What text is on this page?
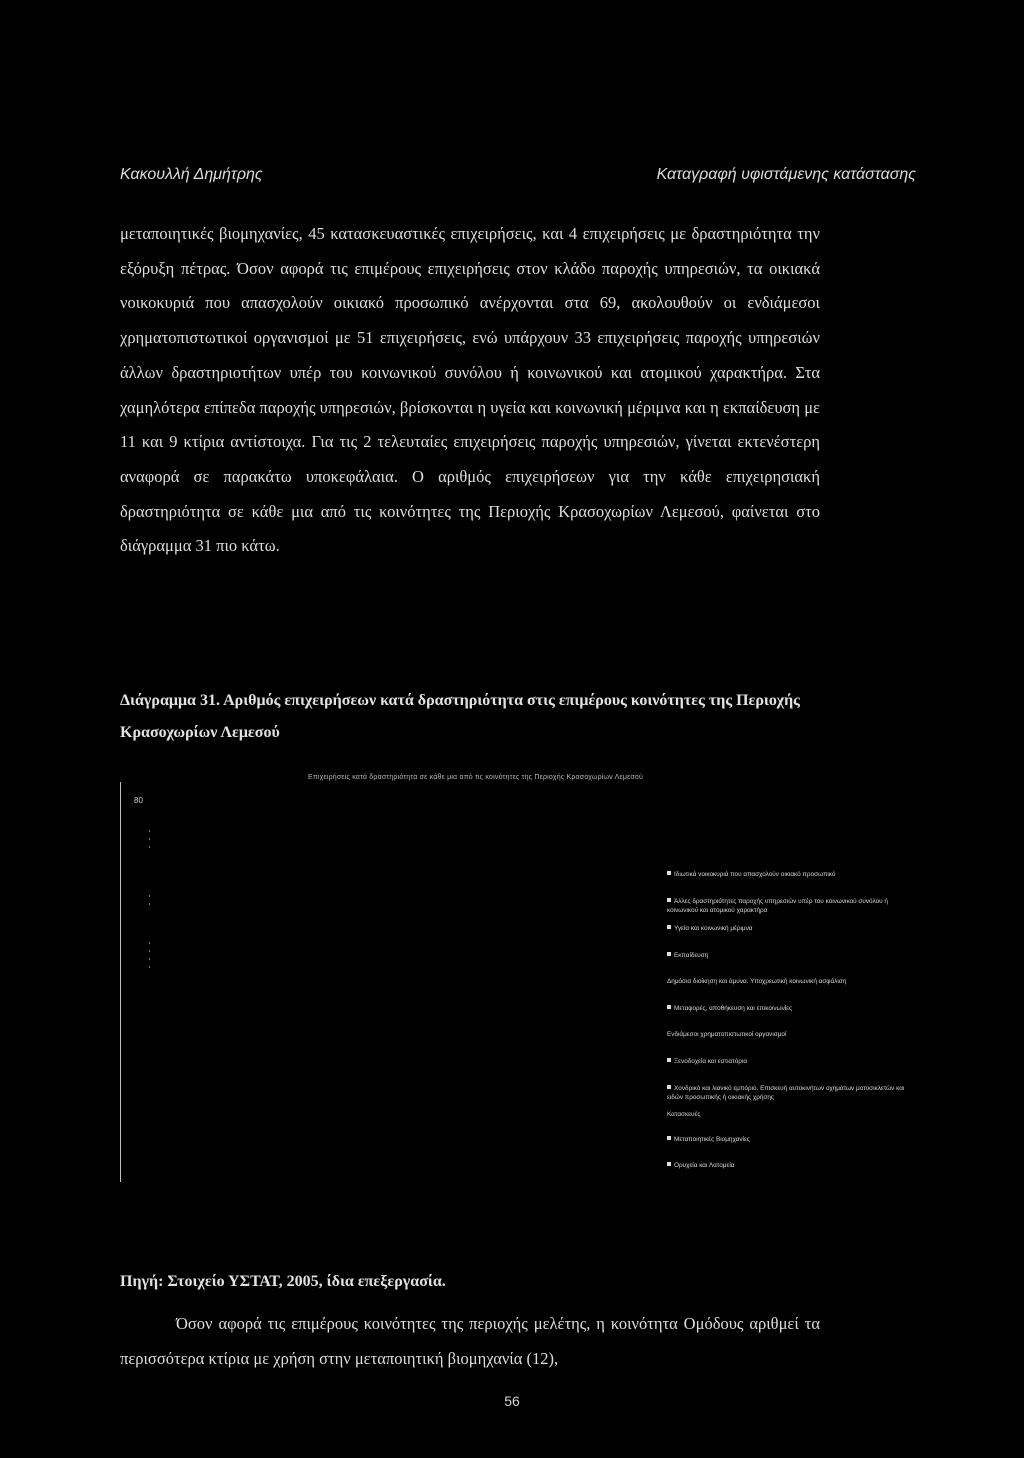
Κακουλλή Δημήτρης	Καταγραφή υφιστάμενης κατάστασης
μεταποιητικές βιομηχανίες, 45 κατασκευαστικές επιχειρήσεις, και 4 επιχειρήσεις με δραστηριότητα την εξόρυξη πέτρας. Όσον αφορά τις επιμέρους επιχειρήσεις στον κλάδο παροχής υπηρεσιών, τα οικιακά νοικοκυριά που απασχολούν οικιακό προσωπικό ανέρχονται στα 69, ακολουθούν οι ενδιάμεσοι χρηματοπιστωτικοί οργανισμοί με 51 επιχειρήσεις, ενώ υπάρχουν 33 επιχειρήσεις παροχής υπηρεσιών άλλων δραστηριοτήτων υπέρ του κοινωνικού συνόλου ή κοινωνικού και ατομικού χαρακτήρα. Στα χαμηλότερα επίπεδα παροχής υπηρεσιών, βρίσκονται η υγεία και κοινωνική μέριμνα και η εκπαίδευση με 11 και 9 κτίρια αντίστοιχα. Για τις 2 τελευταίες επιχειρήσεις παροχής υπηρεσιών, γίνεται εκτενέστερη αναφορά σε παρακάτω υποκεφάλαια. Ο αριθμός επιχειρήσεων για την κάθε επιχειρησιακή δραστηριότητα σε κάθε μια από τις κοινότητες της Περιοχής Κρασοχωρίων Λεμεσού, φαίνεται στο διάγραμμα 31 πιο κάτω.
Διάγραμμα 31. Αριθμός επιχειρήσεων κατά δραστηριότητα στις επιμέρους κοινότητες της Περιοχής Κρασοχωρίων Λεμεσού
Επιχειρήσεις κατά δραστηριότητα σε κάθε μια από τις κοινότητες της Περιοχής Κρασοχωρίων Λεμεσού
80
Ιδιωτικά νοικοκυριά που απασχολούν οικιακό προσωπικό
Άλλες δραστηριότητες παροχής υπηρεσιών υπέρ του κοινωνικού συνόλου ή κοινωνικού και ατομικού χαρακτήρα
Υγεία και κοινωνική μέριμνα
Εκπαίδευση
Δημόσια διοίκηση και άμυνα. Υποχρεωτική κοινωνική ασφάλιση
Μεταφορές, αποθήκευση και επικοινωνίες
Ενδιάμεσοι χρηματοπιστωτικοί οργανισμοί
Ξενοδοχεία και εστιατόρια
Χονδρικό και λιανικό εμπόριο. Επισκευή αυτοκινήτων οχημάτων μοτοσικλετών και ειδών προσωπικής ή οικιακής χρήσης
Κατασκευές
Μεταποιητικές Βιομηχανίες
Ορυχεία και Λατομεία
Πηγή: Στοιχείο ΥΣΤΑΤ, 2005, ίδια επεξεργασία.
Όσον αφορά τις επιμέρους κοινότητες της περιοχής μελέτης, η κοινότητα Ομόδους αριθμεί τα περισσότερα κτίρια με χρήση στην μεταποιητική βιομηχανία (12),
56
